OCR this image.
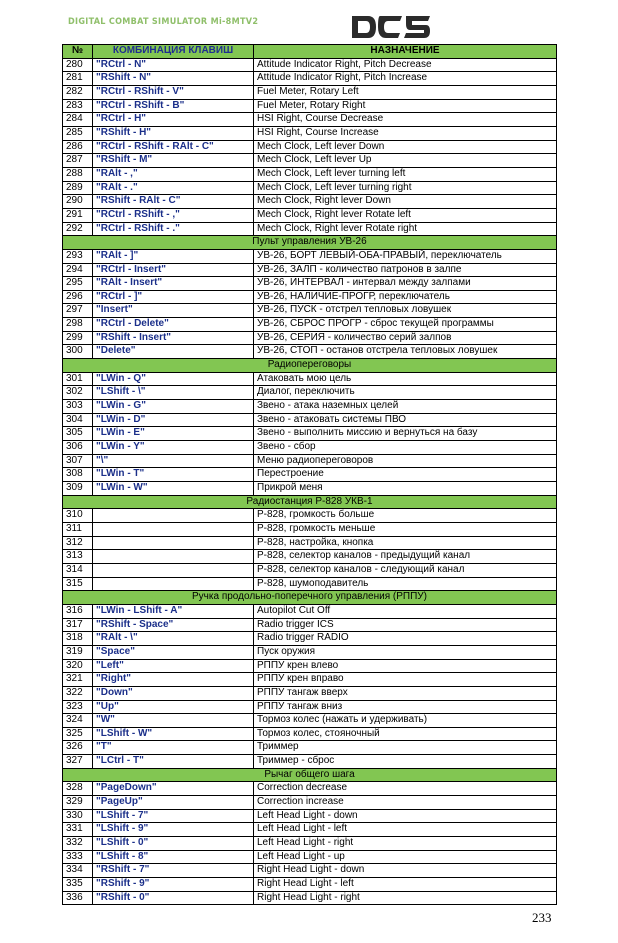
DIGITAL COMBAT SIMULATOR Mi-8MTV2
№	КОМБИНАЦИЯ КЛАВИШ	НАЗНАЧЕНИЕ
280	"RCtrl - N"	Attitude Indicator Right, Pitch Decrease
281	"RShift - N"	Attitude Indicator Right, Pitch Increase
282	"RCtrl - RShift - V"	Fuel Meter, Rotary Left
283	"RCtrl - RShift - B"	Fuel Meter, Rotary Right
284	"RCtrl - H"	HSI Right, Course Decrease
285	"RShift - H"	HSI Right, Course Increase
286	"RCtrl - RShift - RAlt - C"	Mech Clock, Left lever Down
287	"RShift - M"	Mech Clock, Left lever Up
288	"RAlt - ,"	Mech Clock, Left lever turning left
289	"RAlt - ."	Mech Clock, Left lever turning right
290	"RShift - RAlt - C"	Mech Clock, Right lever Down
291	"RCtrl - RShift - ,"	Mech Clock, Right lever Rotate left
292	"RCtrl - RShift - ."	Mech Clock, Right lever Rotate right
Пульт управления УВ-26		
293	"RAlt - ]"	УВ-26, БОРТ ЛЕВЫЙ-ОБА-ПРАВЫЙ, переключатель
294	"RCtrl - Insert"	УВ-26, ЗАЛП - количество патронов в залпе
295	"RAlt - Insert"	УВ-26, ИНТЕРВАЛ - интервал между залпами
296	"RCtrl - ]"	УВ-26, НАЛИЧИЕ-ПРОГР, переключатель
297	"Insert"	УВ-26, ПУСК - отстрел тепловых ловушек
298	"RCtrl - Delete"	УВ-26, СБРОС ПРОГР - сброс текущей программы
299	"RShift - Insert"	УВ-26, СЕРИЯ - количество серий залпов
300	"Delete"	УВ-26, СТОП - останов отстрела тепловых ловушек
Радиопереговоры		
301	"LWin - Q"	Атаковать мою цель
302	"LShift - \"	Диалог, переключить
303	"LWin - G"	Звено - атака наземных целей
304	"LWin - D"	Звено - атаковать системы ПВО
305	"LWin - E"	Звено - выполнить миссию и вернуться на базу
306	"LWin - Y"	Звено - сбор
307	"\"	Меню радиопереговоров
308	"LWin - T"	Перестроение
309	"LWin - W"	Прикрой меня
Радиостанция Р-828 УКВ-1		
310		Р-828, громкость больше
311		Р-828, громкость меньше
312		Р-828, настройка, кнопка
313		Р-828, селектор каналов - предыдущий канал
314		Р-828, селектор каналов - следующий канал
315		Р-828, шумоподавитель
Ручка продольно-поперечного управления (РППУ)		
316	"LWin - LShift - A"	Autopilot Cut Off
317	"RShift - Space"	Radio trigger ICS
318	"RAlt - \"	Radio trigger RADIO
319	"Space"	Пуск оружия
320	"Left"	РППУ крен влево
321	"Right"	РППУ крен вправо
322	"Down"	РППУ тангаж вверх
323	"Up"	РППУ тангаж вниз
324	"W"	Тормоз колес (нажать и удерживать)
325	"LShift - W"	Тормоз колес, стояночный
326	"T"	Триммер
327	"LCtrl - T"	Триммер - сброс
Рычаг общего шага		
328	"PageDown"	Correction decrease
329	"PageUp"	Correction increase
330	"LShift - 7"	Left Head Light - down
331	"LShift - 9"	Left Head Light - left
332	"LShift - 0"	Left Head Light - right
333	"LShift - 8"	Left Head Light - up
334	"RShift - 7"	Right Head Light - down
335	"RShift - 9"	Right Head Light - left
336	"RShift - 0"	Right Head Light - right
233
